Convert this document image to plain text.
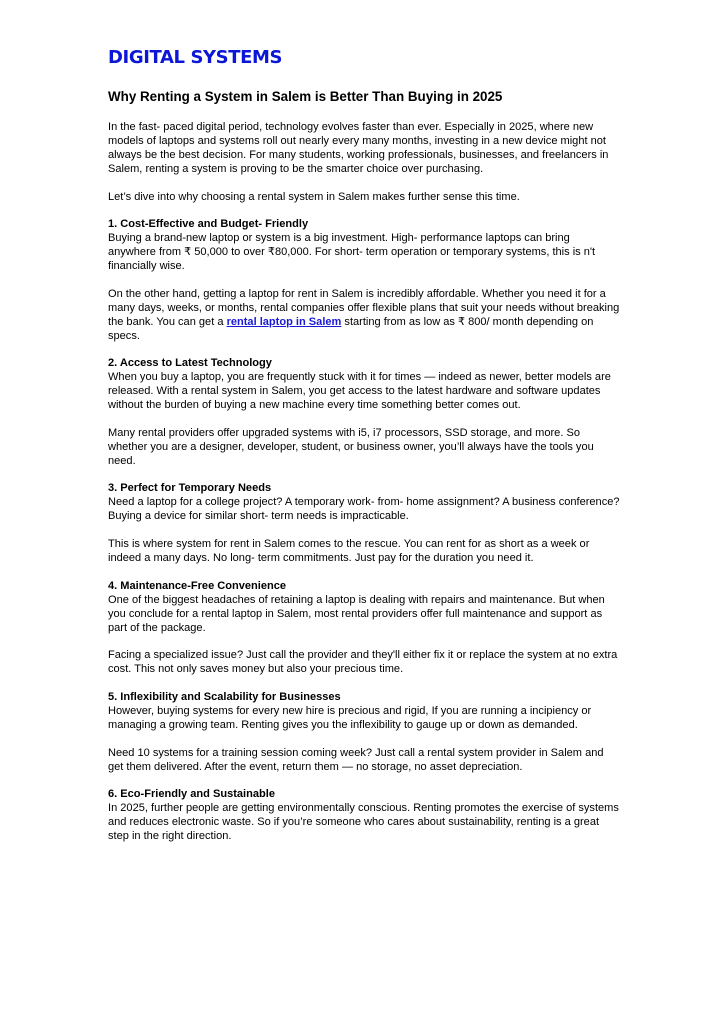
DIGITAL SYSTEMS
Why Renting a System in Salem is Better Than Buying in 2025

In the fast- paced digital period, technology evolves faster than ever. Especially in 2025, where new models of laptops and systems roll out nearly every many months, investing in a new device might not always be the best decision. For many students, working professionals, businesses, and freelancers in Salem, renting a system is proving to be the smarter choice over purchasing.

Let’s dive into why choosing a rental system in Salem makes further sense this time.

1. Cost-Effective and Budget- Friendly

Buying a brand-new laptop or system is a big investment. High- performance laptops can bring anywhere from ₹ 50,000 to over ₹80,000. For short- term operation or temporary systems, this is n't financially wise.

On the other hand, getting a laptop for rent in Salem is incredibly affordable. Whether you need it for a many days, weeks, or months, rental companies offer flexible plans that suit your needs without breaking the bank. You can get a rental laptop in Salem starting from as low as ₹ 800/ month depending on specs.

2. Access to Latest Technology

When you buy a laptop, you are frequently stuck with it for times — indeed as newer, better models are released. With a rental system in Salem, you get access to the latest hardware and software updates without the burden of buying a new machine every time something better comes out.

Many rental providers offer upgraded systems with i5, i7 processors, SSD storage, and more. So whether you are a designer, developer, student, or business owner, you’ll always have the tools you need.

3. Perfect for Temporary Needs

Need a laptop for a college project? A temporary work- from- home assignment? A business conference? Buying a device for similar short- term needs is impracticable.

This is where system for rent in Salem comes to the rescue. You can rent for as short as a week or indeed a many days. No long- term commitments. Just pay for the duration you need it.

4. Maintenance-Free Convenience

One of the biggest headaches of retaining a laptop is dealing with repairs and maintenance. But when you conclude for a rental laptop in Salem, most rental providers offer full maintenance and support as part of the package.

Facing a specialized issue? Just call the provider and they'll either fix it or replace the system at no extra cost. This not only saves money but also your precious time.

5. Inflexibility and Scalability for Businesses

However, buying systems for every new hire is precious and rigid, If you are running a incipiency or managing a growing team. Renting gives you the inflexibility to gauge up or down as demanded.

Need 10 systems for a training session coming week? Just call a rental system provider in Salem and get them delivered. After the event, return them — no storage, no asset depreciation.

6. Eco-Friendly and Sustainable

In 2025, further people are getting environmentally conscious. Renting promotes the exercise of systems and reduces electronic waste. So if you’re someone who cares about sustainability, renting is a great step in the right direction.
